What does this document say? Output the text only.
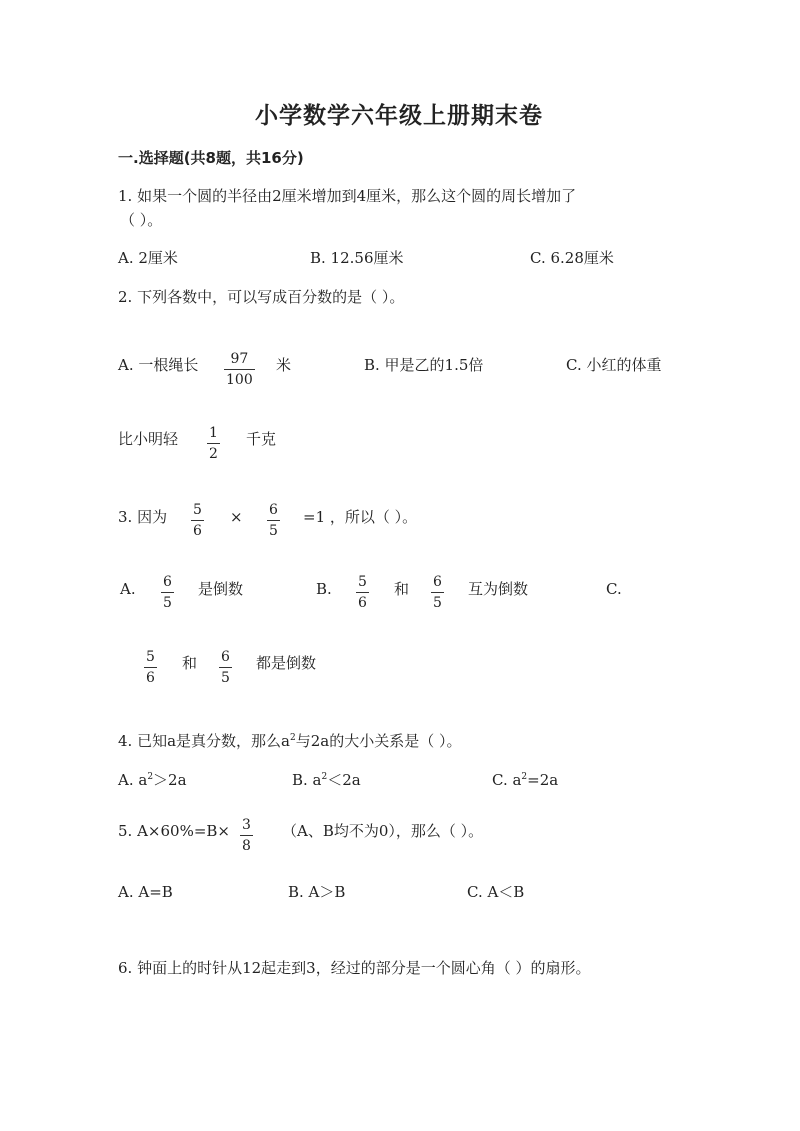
小学数学六年级上册期末卷
一.选择题(共8题，共16分)
1. 如果一个圆的半径由2厘米增加到4厘米，那么这个圆的周长增加了
（ ）。
A. 2厘米	B. 12.56厘米	C. 6.28厘米
2. 下列各数中，可以写成百分数的是（ ）。
A. 一根绳长 $\frac{97}{100}$ 米	B. 甲是乙的1.5倍	C. 小红的体重
比小明轻 $\frac{1}{2}$ 千克
3. 因为 $\frac{5}{6} \times \frac{6}{5} =1$ ，所以（ ）。
A. $\frac{6}{5}$ 是倒数	B. $\frac{5}{6}$ 和 $\frac{6}{5}$ 互为倒数	C.
$\frac{5}{6}$ 和 $\frac{6}{5}$ 都是倒数
4. 已知a是真分数，那么$a^2$与2a的大小关系是（ ）。
A. $a^2>2a$	B. $a^2<2a$	C. $a^2=2a$
5. $A\times 60\%=B\times \frac{3}{8} (A$、B均不为0），那么（ ）。
A. A=B	B. A＞B	C. A＜B
6. 钟面上的时针从12起走到3，经过的部分是一个圆心角（ ）的扇形。
